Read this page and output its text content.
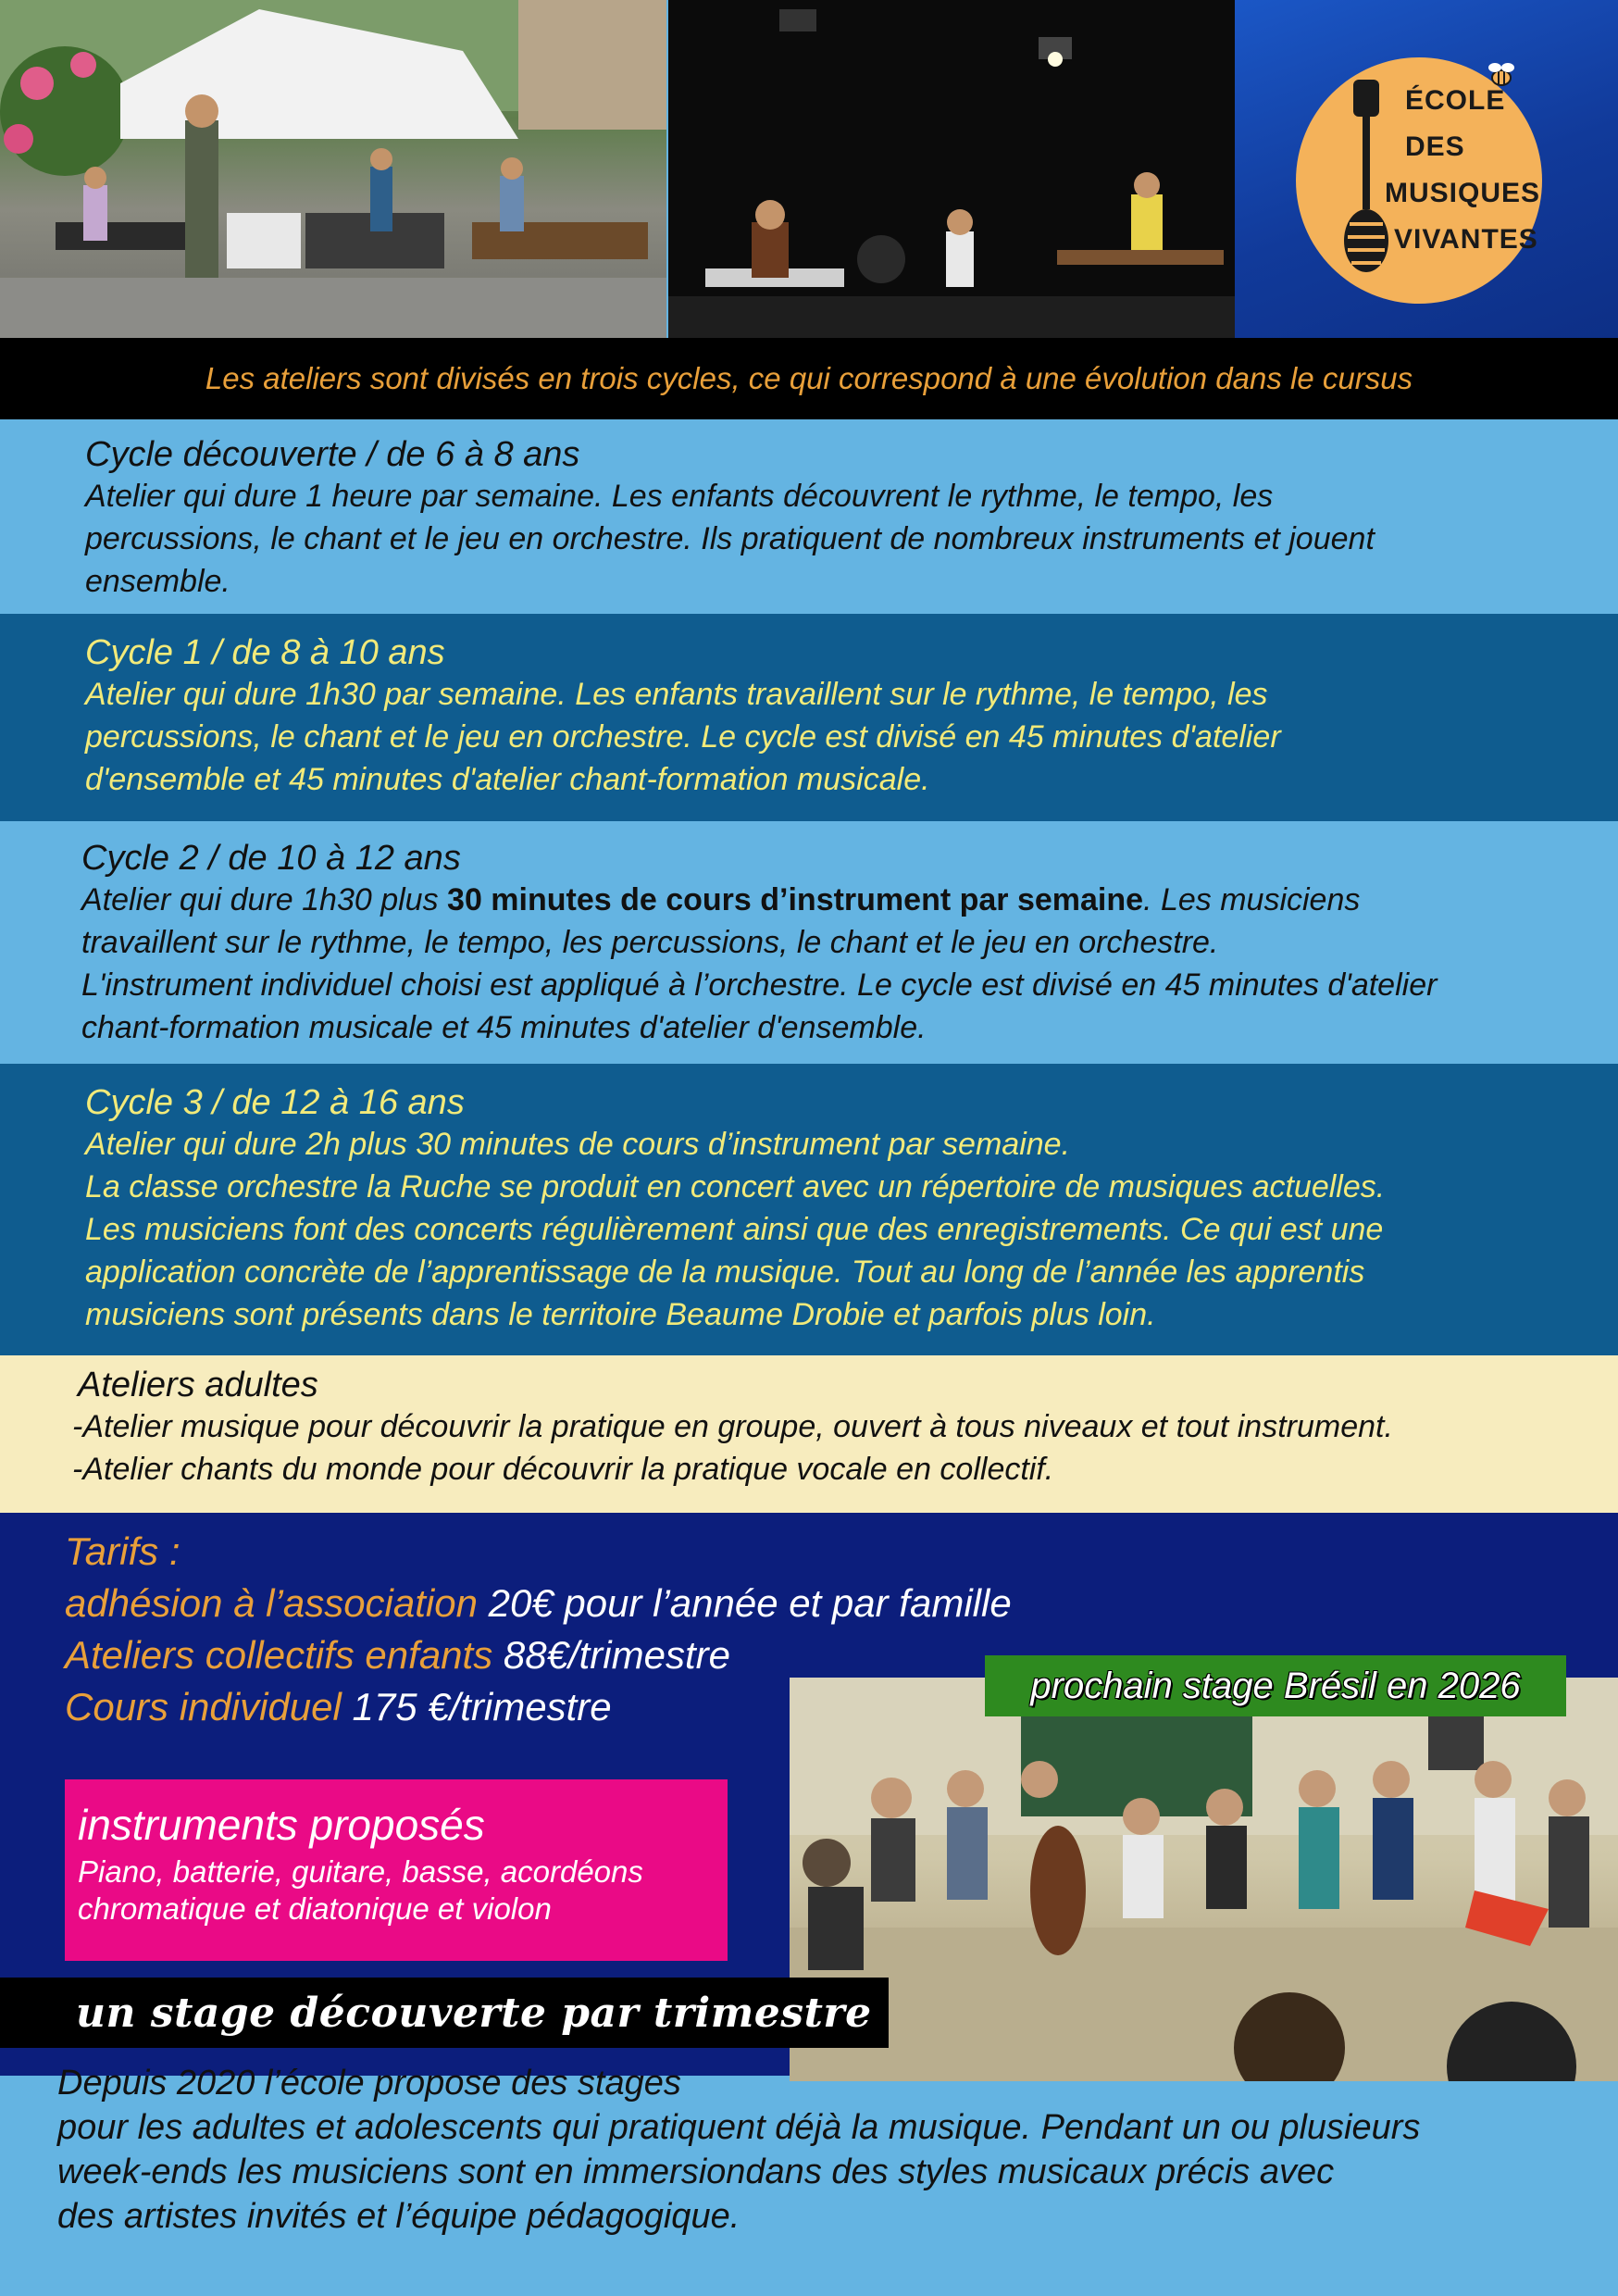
ÉCOLE
DES
MUSIQUES
VIVANTES
Les ateliers sont divisés en trois cycles, ce qui correspond à une évolution dans le cursus
Cycle découverte / de 6 à 8 ans
Atelier qui dure 1 heure par semaine. Les enfants découvrent le rythme, le tempo, les
percussions, le chant et le jeu en orchestre. Ils pratiquent de nombreux instruments et jouent
ensemble.
Cycle 1 / de 8 à 10 ans
Atelier qui dure 1h30 par semaine. Les enfants travaillent sur le rythme, le tempo, les
percussions, le chant et le jeu en orchestre. Le cycle est divisé en 45 minutes d'atelier
d'ensemble et 45 minutes d'atelier chant-formation musicale.
Cycle 2 / de 10 à 12 ans
Atelier qui dure 1h30 plus 30 minutes de cours d’instrument par semaine. Les musiciens
travaillent sur le rythme, le tempo, les percussions, le chant et le jeu en orchestre.
L'instrument individuel choisi est appliqué à l’orchestre. Le cycle est divisé en 45 minutes d'atelier
chant-formation musicale et 45 minutes d'atelier d'ensemble.
Cycle 3 / de 12 à 16 ans
Atelier qui dure 2h plus 30 minutes de cours d’instrument par semaine.
La classe orchestre la Ruche se produit en concert avec un répertoire de musiques actuelles.
Les musiciens font des concerts régulièrement ainsi que des enregistrements. Ce qui est une
application concrète de l’apprentissage de la musique. Tout au long de l’année les apprentis
musiciens sont présents dans le territoire Beaume Drobie et parfois plus loin.
Ateliers adultes
-Atelier musique pour découvrir la pratique en groupe, ouvert à tous niveaux et tout instrument.
-Atelier chants du monde pour découvrir la pratique vocale en collectif.
Tarifs :
adhésion à l’association 20€ pour l’année et par famille
Ateliers collectifs enfants 88€/trimestre
Cours individuel 175 €/trimestre	prochain stage Brésil en 2026
instruments proposés
Piano, batterie, guitare, basse, acordéons
chromatique et diatonique et violon
un stage découverte par trimestre
Depuis 2020 l’école propose des stages
pour les adultes et adolescents qui pratiquent déjà la musique. Pendant un ou plusieurs
week-ends les musiciens sont en immersiondans des styles musicaux précis avec
des artistes invités et l’équipe pédagogique.
